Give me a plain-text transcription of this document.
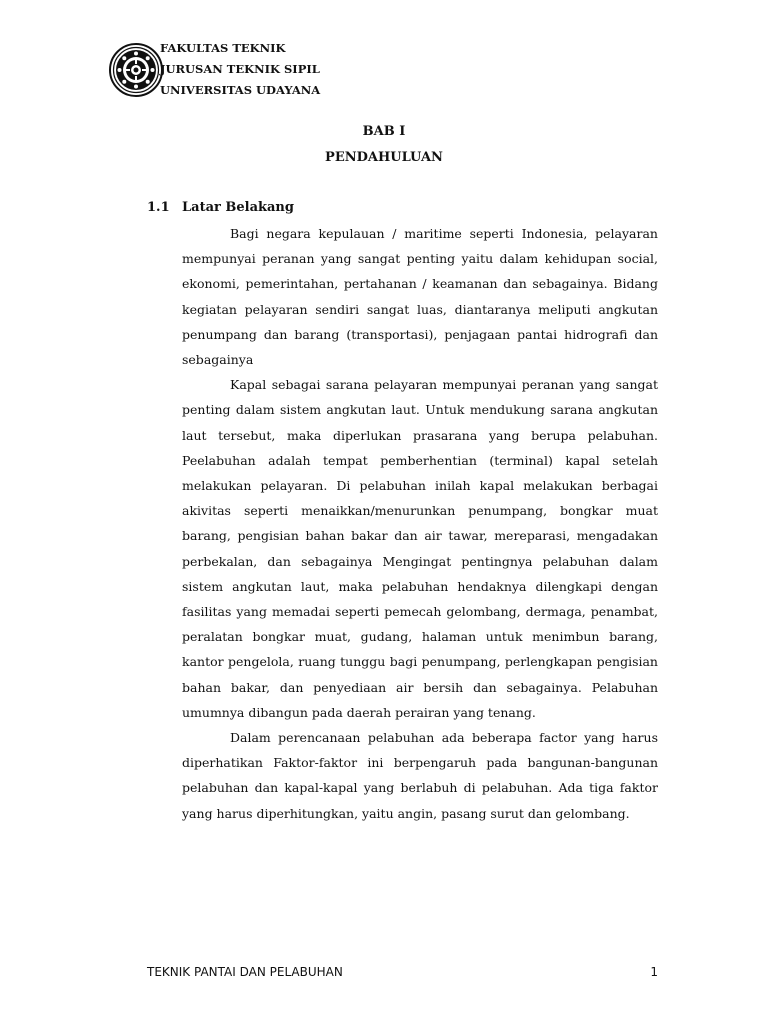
FAKULTAS TEKNIK
JURUSAN TEKNIK SIPIL
UNIVERSITAS UDAYANA
BAB I
PENDAHULUAN
1.1 Latar Belakang

Bagi negara kepulauan / maritime seperti Indonesia, pelayaran mempunyai peranan yang sangat penting yaitu dalam kehidupan social, ekonomi, pemerintahan, pertahanan / keamanan dan sebagainya. Bidang kegiatan pelayaran sendiri sangat luas, diantaranya meliputi angkutan penumpang dan barang (transportasi), penjagaan pantai hidrografi dan sebagainya

Kapal sebagai sarana pelayaran mempunyai peranan yang sangat penting dalam sistem angkutan laut. Untuk mendukung sarana angkutan laut tersebut, maka diperlukan prasarana yang berupa pelabuhan. Peelabuhan adalah tempat pemberhentian (terminal) kapal setelah melakukan pelayaran. Di pelabuhan inilah kapal melakukan berbagai akivitas seperti menaikkan/menurunkan penumpang, bongkar muat barang, pengisian bahan bakar dan air tawar, mereparasi, mengadakan perbekalan, dan sebagainya Mengingat pentingnya pelabuhan dalam sistem angkutan laut, maka pelabuhan hendaknya dilengkapi dengan fasilitas yang memadai seperti pemecah gelombang, dermaga, penambat, peralatan bongkar muat, gudang, halaman untuk menimbun barang, kantor pengelola, ruang tunggu bagi penumpang, perlengkapan pengisian bahan bakar, dan penyediaan air bersih dan sebagainya. Pelabuhan umumnya dibangun pada daerah perairan yang tenang.

Dalam perencanaan pelabuhan ada beberapa factor yang harus diperhatikan Faktor-faktor ini berpengaruh pada bangunan-bangunan pelabuhan dan kapal-kapal yang berlabuh di pelabuhan. Ada tiga faktor yang harus diperhitungkan, yaitu angin, pasang surut dan gelombang.

TEKNIK PANTAI DAN PELABUHAN	1
